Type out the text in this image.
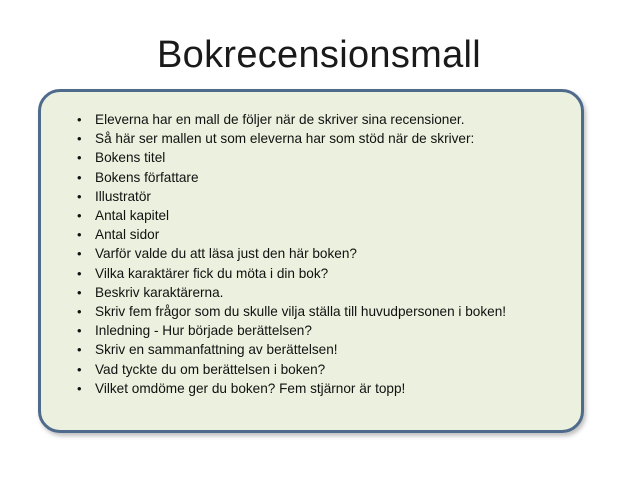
Bokrecensionsmall
• Eleverna har en mall de följer när de skriver sina recensioner.
• Så här ser mallen ut som eleverna har som stöd när de skriver:
• Bokens titel
• Bokens författare
• Illustratör
• Antal kapitel
• Antal sidor
• Varför valde du att läsa just den här boken?
• Vilka karaktärer fick du möta i din bok?
• Beskriv karaktärerna.
• Skriv fem frågor som du skulle vilja ställa till huvudpersonen i boken!
• Inledning - Hur började berättelsen?
• Skriv en sammanfattning av berättelsen!
• Vad tyckte du om berättelsen i boken?
• Vilket omdöme ger du boken? Fem stjärnor är topp!
